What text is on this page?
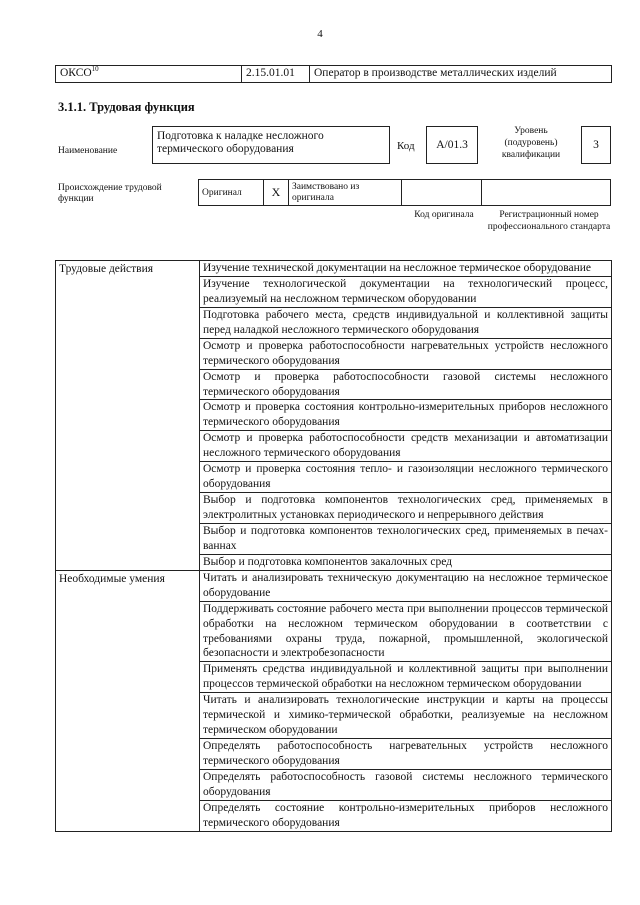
4
ОКСО$^{10}$	2.15.01.01	Оператор в производстве металлических изделий
3.1.1. Трудовая функция
Наименование
Подготовка к наладке несложного термического оборудования	Код	A/01.3
Уровень (подуровень) квалификации
3
Происхождение трудовой функции
Оригинал	X	Заимствовано из оригинала
Код оригинала	Регистрационный номер профессионального стандарта
Трудовые действия	Изучение технической документации на несложное термическое оборудование
	Изучение технологической документации на технологический процесс, реализуемый на несложном термическом оборудовании
	Подготовка рабочего места, средств индивидуальной и коллективной защиты перед наладкой несложного термического оборудования
	Осмотр и проверка работоспособности нагревательных устройств несложного термического оборудования
	Осмотр и проверка работоспособности газовой системы несложного термического оборудования
	Осмотр и проверка состояния контрольно-измерительных приборов несложного термического оборудования
	Осмотр и проверка работоспособности средств механизации и автоматизации несложного термического оборудования
	Осмотр и проверка состояния тепло- и газоизоляции несложного термического оборудования
	Выбор и подготовка компонентов технологических сред, применяемых в электролитных установках периодического и непрерывного действия
	Выбор и подготовка компонентов технологических сред, применяемых в печах-ваннах
	Выбор и подготовка компонентов закалочных сред
Необходимые умения	Читать и анализировать техническую документацию на несложное термическое оборудование
	Поддерживать состояние рабочего места при выполнении процессов термической обработки на несложном термическом оборудовании в соответствии с требованиями охраны труда, пожарной, промышленной, экологической безопасности и электробезопасности
	Применять средства индивидуальной и коллективной защиты при выполнении процессов термической обработки на несложном термическом оборудовании
	Читать и анализировать технологические инструкции и карты на процессы термической и химико-термической обработки, реализуемые на несложном термическом оборудовании
	Определять работоспособность нагревательных устройств несложного термического оборудования
	Определять работоспособность газовой системы несложного термического оборудования
	Определять состояние контрольно-измерительных приборов несложного термического оборудования
